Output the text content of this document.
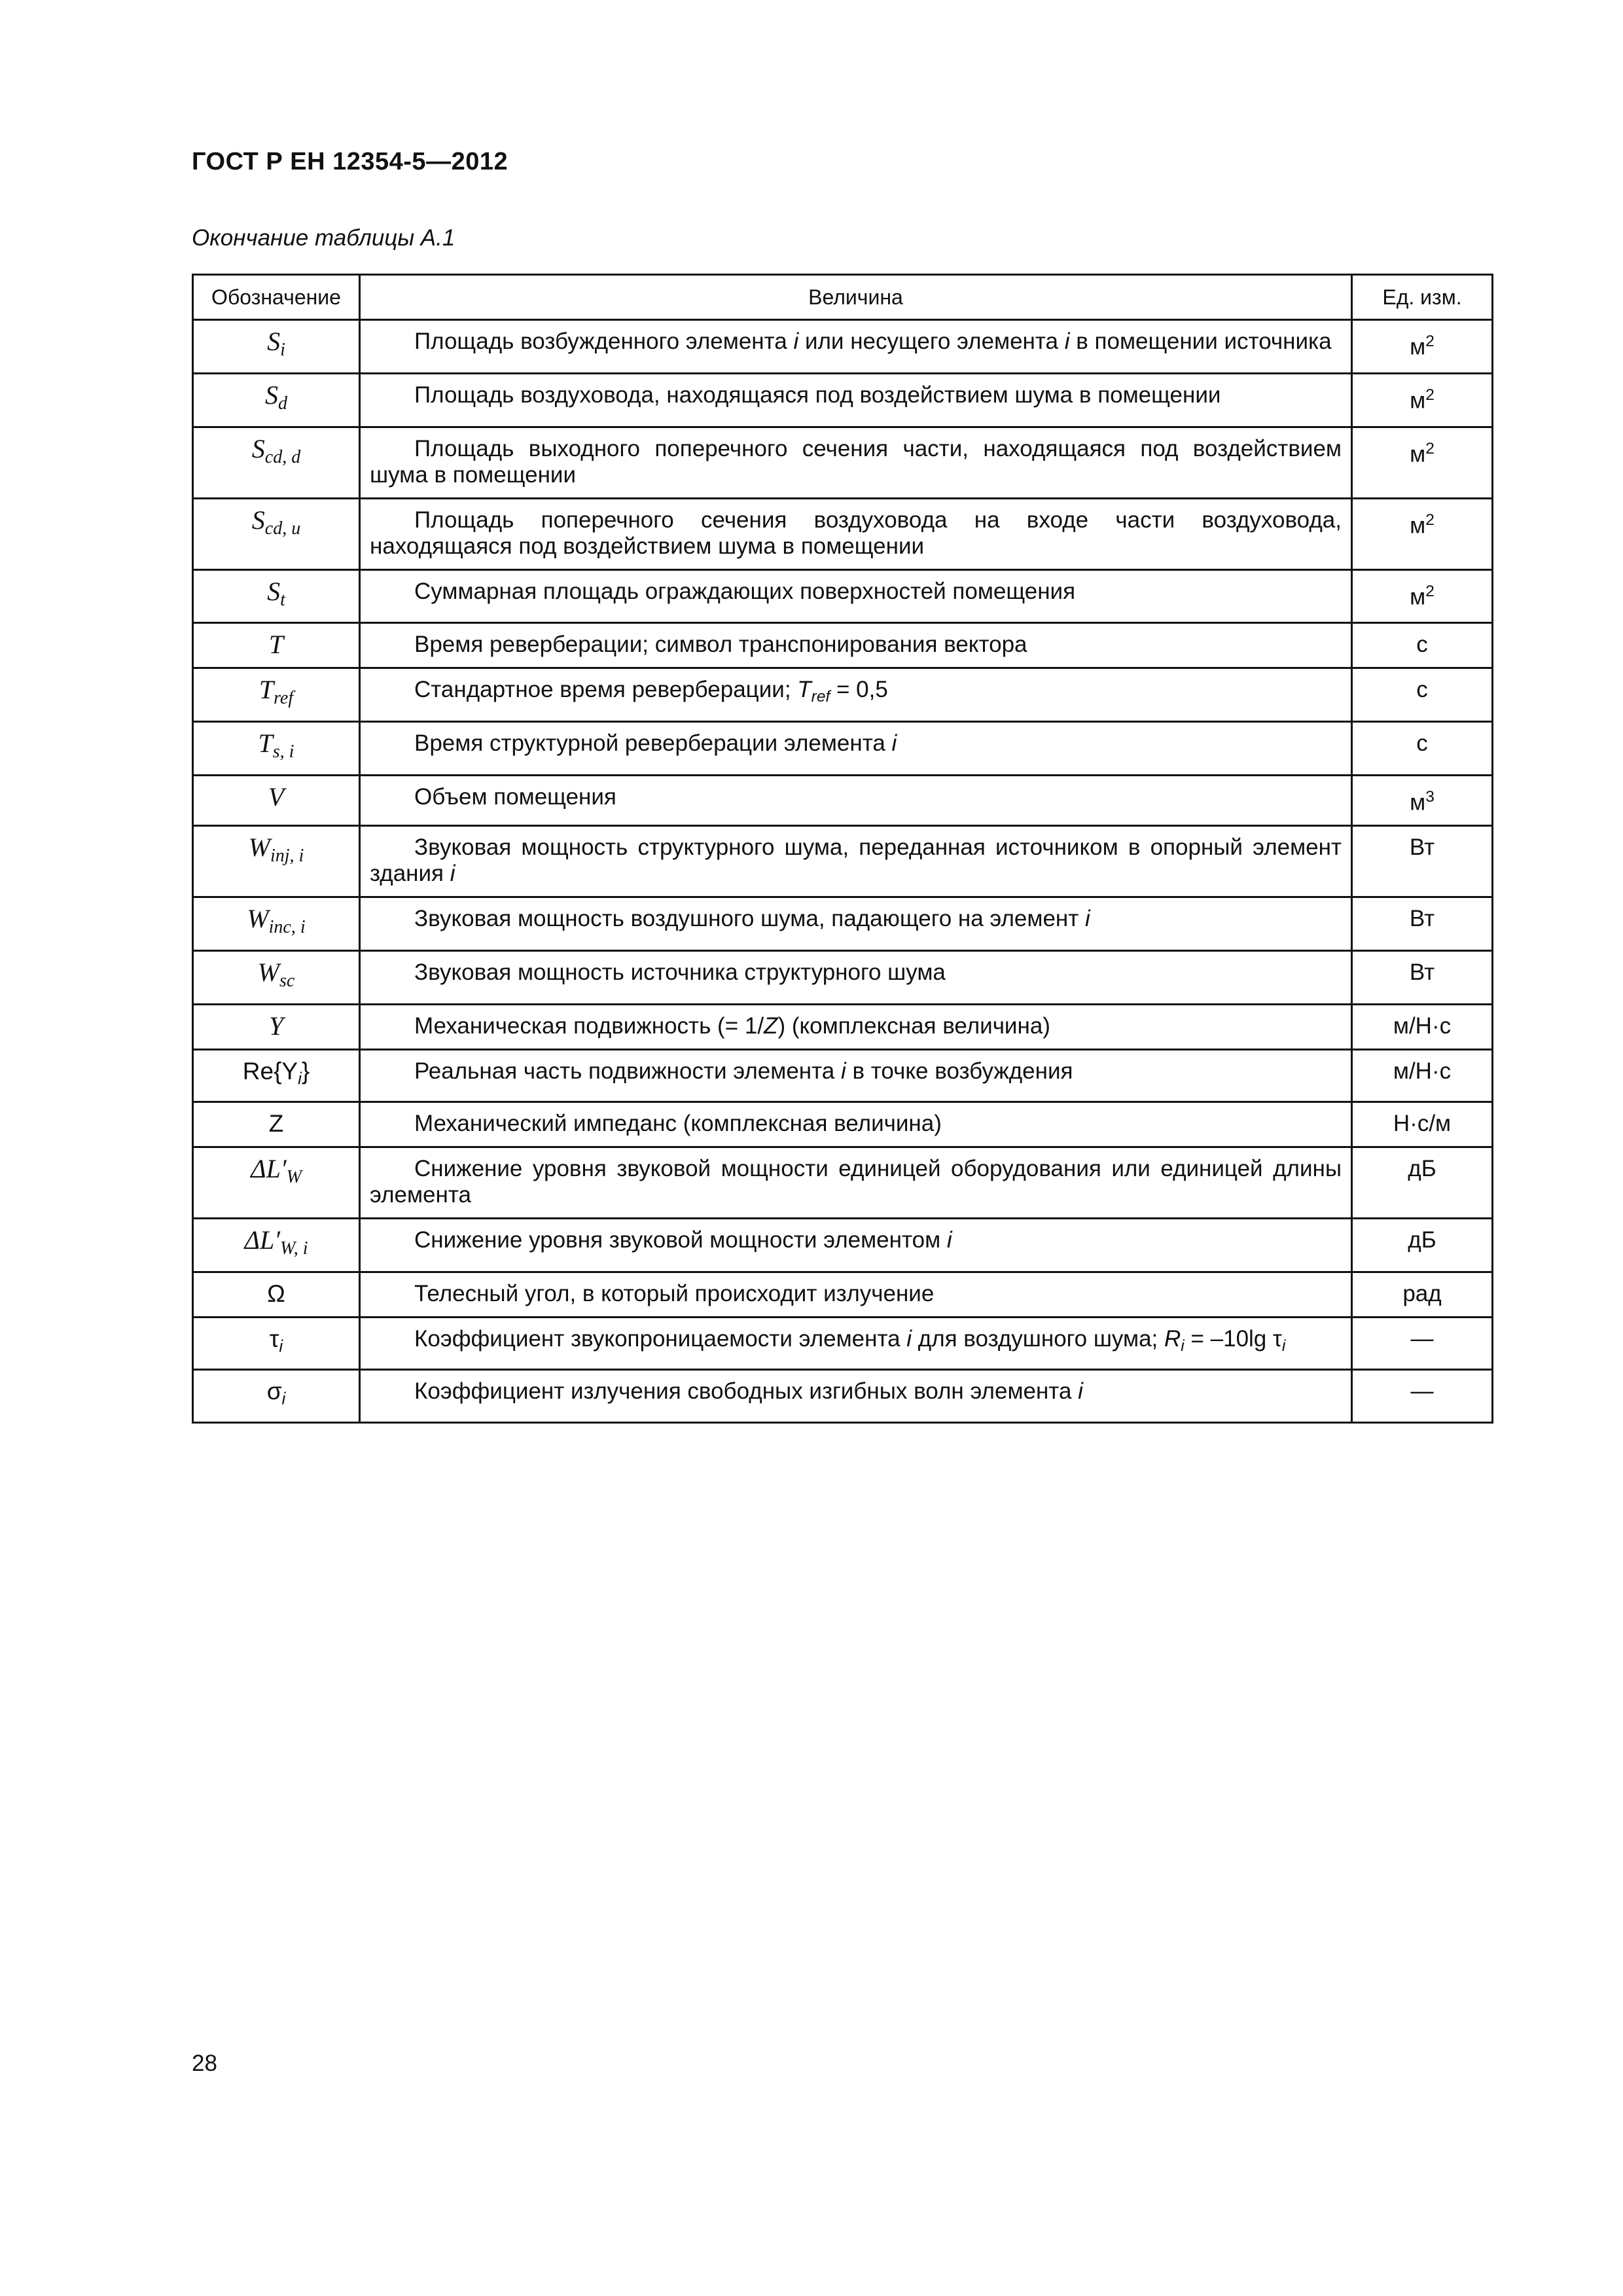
ГОСТ Р ЕН 12354-5—2012
Окончание таблицы А.1
Обозначение	Величина	Ед. изм.
$S_i$	Площадь возбужденного элемента i или несущего элемента i в помещении источника	$м^2$
$S_d$	Площадь воздуховода, находящаяся под воздействием шума в помещении	$м^2$
$S_{cd, d}$	Площадь выходного поперечного сечения части, находящаяся под воздействием шума в помещении	$м^2$
$S_{cd, u}$	Площадь поперечного сечения воздуховода на входе части воздуховода, находящаяся под воздействием шума в помещении	$м^2$
$S_t$	Суммарная площадь ограждающих поверхностей помещения	$м^2$
T	Время реверберации; символ транспонирования вектора	с
$T_{ref}$	Стандартное время реверберации; $T_{ref} = 0,5$	с
$T_{s, i}$	Время структурной реверберации элемента i	с
V	Объем помещения	$м^3$
$W_{inj, i}$	Звуковая мощность структурного шума, переданная источником в опорный элемент здания i	Вт
$W_{inc, i}$	Звуковая мощность воздушного шума, падающего на элемент i	Вт
$W_{sc}$	Звуковая мощность источника структурного шума	Вт
Y	Механическая подвижность (= 1/Z) (комплексная величина)	м/Н·с
$Re\{Y_i\}$	Реальная часть подвижности элемента i в точке возбуждения	м/Н·с
Z	Механический импеданс (комплексная величина)	Н·с/м
$\Delta L'_W$	Снижение уровня звуковой мощности единицей оборудования или единицей длины элемента	дБ
$\Delta L'_{W, i}$	Снижение уровня звуковой мощности элементом i	дБ
Ω	Телесный угол, в который происходит излучение	рад
$\tau_i$	Коэффициент звукопроницаемости элемента i для воздушного шума; $R_i = -10\lg$ $\tau_i$	—
$\sigma_i$	Коэффициент излучения свободных изгибных волн элемента i	—
28
